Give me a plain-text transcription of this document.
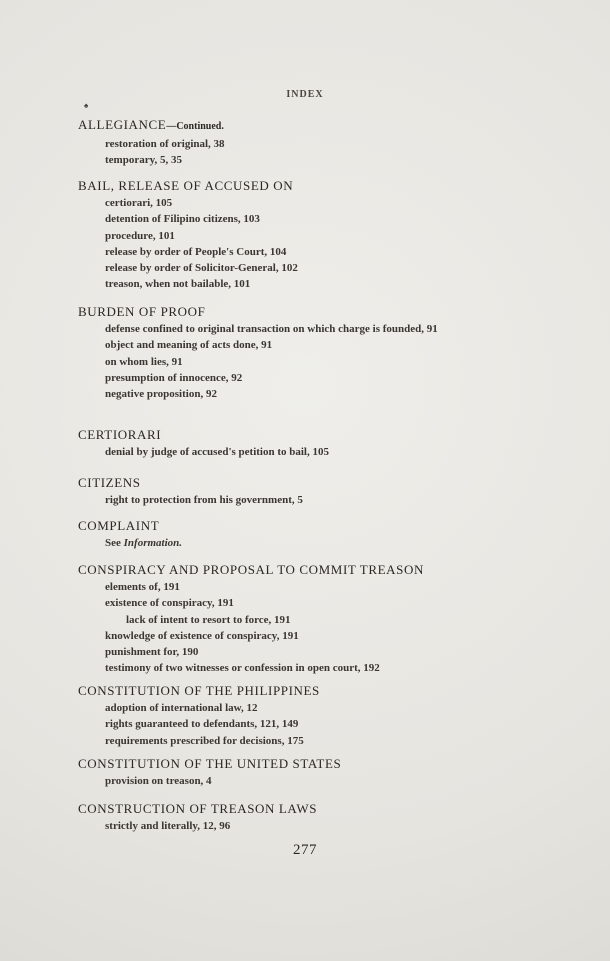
INDEX
♠
ALLEGIANCE—Continued.
restoration of original, 38
temporary, 5, 35
BAIL, RELEASE OF ACCUSED ON
certiorari, 105
detention of Filipino citizens, 103
procedure, 101
release by order of People's Court, 104
release by order of Solicitor-General, 102
treason, when not bailable, 101
BURDEN OF PROOF
defense confined to original transaction on which charge is founded, 91
object and meaning of acts done, 91
on whom lies, 91
presumption of innocence, 92
negative proposition, 92
CERTIORARI
denial by judge of accused's petition to bail, 105
CITIZENS
right to protection from his government, 5
COMPLAINT
See Information.
CONSPIRACY AND PROPOSAL TO COMMIT TREASON
elements of, 191
existence of conspiracy, 191
lack of intent to resort to force, 191
knowledge of existence of conspiracy, 191
punishment for, 190
testimony of two witnesses or confession in open court, 192
CONSTITUTION OF THE PHILIPPINES
adoption of international law, 12
rights guaranteed to defendants, 121, 149
requirements prescribed for decisions, 175
CONSTITUTION OF THE UNITED STATES
provision on treason, 4
CONSTRUCTION OF TREASON LAWS
strictly and literally, 12, 96
277
